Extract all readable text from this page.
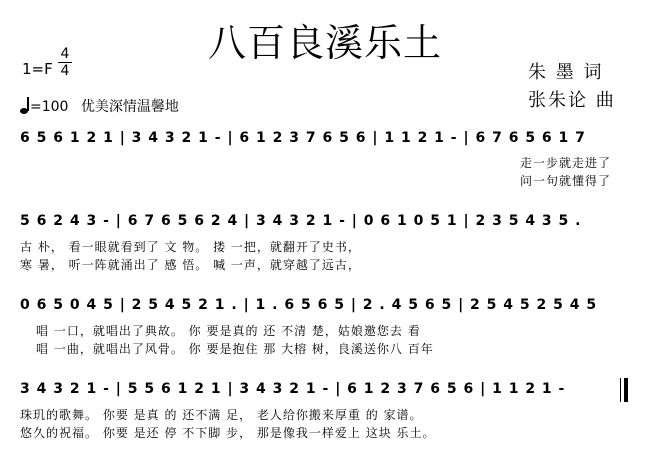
八百良溪乐土
1=F
4
4
=100 优美深情温馨地
朱 墨 词
张朱论 曲
6 5 6 1 2 1 | 3 4 3 2 1 - | 6 1 2 3 7 6 5 6 | 1 1 2 1 - | 6 7 6 5 6 1 7
走一步就走进了
问一句就懂得了
5 6 2 4 3 - | 6 7 6 5 6 2 4 | 3 4 3 2 1 - | 0 6 1 0 5 1 | 2 3 5 4 3 5 .
古 朴， 看一眼就看到了 文 物。 搂 一把，就翻开了史书，
寒 暑， 听一阵就涌出了 感 悟。 喊 一声，就穿越了远古，
0 6 5 0 4 5 | 2 5 4 5 2 1 . | 1 . 6 5 6 5 | 2 . 4 5 6 5 | 2 5 4 5 2 5 4 5
唱 一口，就唱出了典故。 你 要是真的 还 不清 楚，姑娘邀您去 看
唱 一曲，就唱出了风骨。 你 要是抱住 那 大榕 树，良溪送你八 百年
3 4 3 2 1 - | 5 5 6 1 2 1 | 3 4 3 2 1 - | 6 1 2 3 7 6 5 6 | 1 1 2 1 -
珠玑的歌舞。 你要 是真 的 还不满 足， 老人给你搬来厚重 的 家谱。
悠久的祝福。 你要 是还 停 不下脚 步， 那是像我一样爱上 这块 乐土。
